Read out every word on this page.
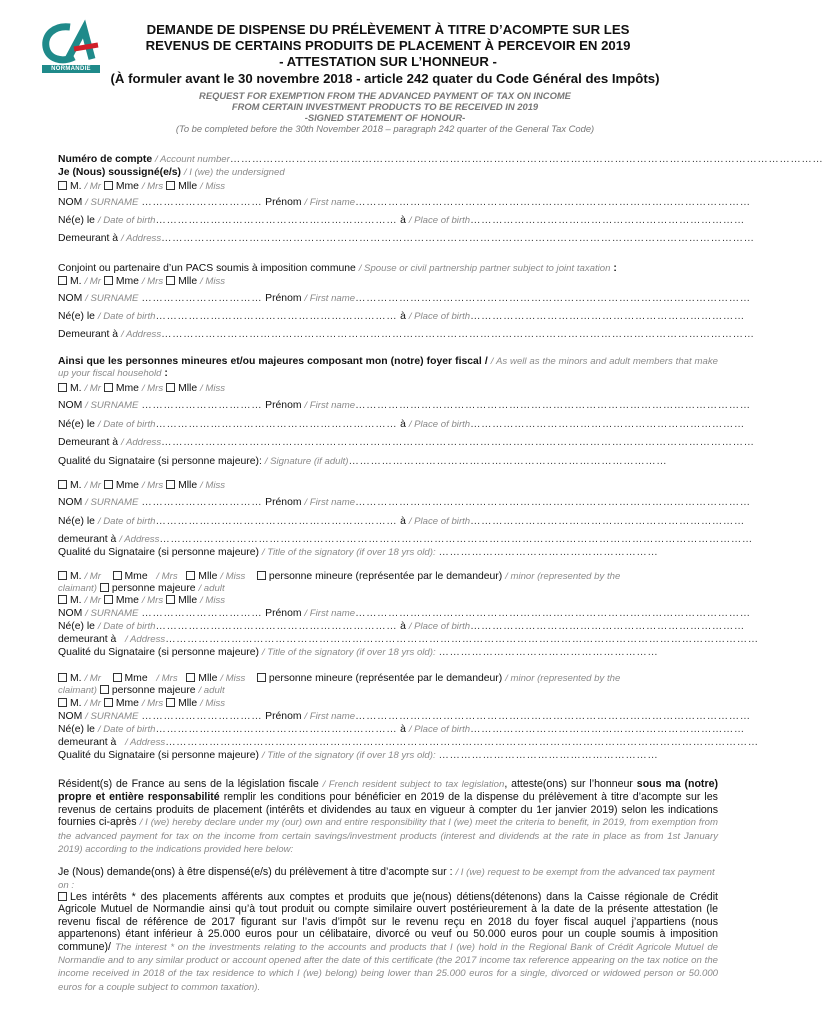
NORMANDIE
DEMANDE DE DISPENSE DU PRÉLÈVEMENT À TITRE D’ACOMPTE SUR LES
REVENUS DE CERTAINS PRODUITS DE PLACEMENT À PERCEVOIR EN 2019
- ATTESTATION SUR L’HONNEUR -
(À formuler avant le 30 novembre 2018 - article 242 quater du Code Général des Impôts)
REQUEST FOR EXEMPTION FROM THE ADVANCED PAYMENT OF TAX ON INCOME
FROM CERTAIN INVESTMENT PRODUCTS TO BE RECEIVED IN 2019
-SIGNED STATEMENT OF HONOUR-
(To be completed before the 30th November 2018 – paragraph 242 quarter of the General Tax Code)
Numéro de compte / Account number………………………………………………………………………………………………………………………………………………
Je (Nous) soussigné(e/s) / I (we) the undersigned
M. / Mr Mme / Mrs Mlle / Miss
NOM / SURNAME …………………………… Prénom / First name………………………………………………………………………………………………
Né(e) le / Date of birth………………………………………………………… à / Place of birth…………………………………………………………………
Demeurant à / Address………………………………………………………………………………………………………………………………………………
Conjoint ou partenaire d’un PACS soumis à imposition commune / Spouse or civil partnership partner subject to joint taxation :
M. / Mr Mme / Mrs Mlle / Miss
NOM / SURNAME …………………………… Prénom / First name………………………………………………………………………………………………
Né(e) le / Date of birth………………………………………………………… à / Place of birth…………………………………………………………………
Demeurant à / Address………………………………………………………………………………………………………………………………………………
Ainsi que les personnes mineures et/ou majeures composant mon (notre) foyer fiscal / / As well as the minors and adult members that make up your fiscal household :
M. / Mr Mme / Mrs Mlle / Miss
NOM / SURNAME …………………………… Prénom / First name………………………………………………………………………………………………
Né(e) le / Date of birth………………………………………………………… à / Place of birth…………………………………………………………………
Demeurant à / Address………………………………………………………………………………………………………………………………………………
Qualité du Signataire (si personne majeure): / Signature (if adult)……………………………………………………………………………
M. / Mr Mme / Mrs Mlle / Miss
NOM / SURNAME …………………………… Prénom / First name………………………………………………………………………………………………
Né(e) le / Date of birth………………………………………………………… à / Place of birth…………………………………………………………………
demeurant à / Address………………………………………………………………………………………………………………………………………………
Qualité du Signataire (si personne majeure) / Title of the signatory (if over 18 yrs old): ……………………………………………………
M. / Mr Mme / Mrs Mlle / Miss personne mineure (représentée par le demandeur) / minor (represented by the
claimant) personne majeure / adult
M. / Mr Mme / Mrs Mlle / Miss
NOM / SURNAME …………………………… Prénom / First name………………………………………………………………………………………………
Né(e) le / Date of birth………………………………………………………… à / Place of birth…………………………………………………………………
demeurant à / Address………………………………………………………………………………………………………………………………………………
Qualité du Signataire (si personne majeure) / Title of the signatory (if over 18 yrs old): ……………………………………………………
M. / Mr Mme / Mrs Mlle / Miss personne mineure (représentée par le demandeur) / minor (represented by the
claimant) personne majeure / adult
M. / Mr Mme / Mrs Mlle / Miss
NOM / SURNAME …………………………… Prénom / First name………………………………………………………………………………………………
Né(e) le / Date of birth………………………………………………………… à / Place of birth…………………………………………………………………
demeurant à / Address………………………………………………………………………………………………………………………………………………
Qualité du Signataire (si personne majeure) / Title of the signatory (if over 18 yrs old): ……………………………………………………
Résident(s) de France au sens de la législation fiscale / French resident subject to tax legislation, atteste(ons) sur l’honneur sous ma (notre) propre et entière responsabilité remplir les conditions pour bénéficier en 2019 de la dispense du prélèvement à titre d’acompte sur les revenus de certains produits de placement (intérêts et dividendes au taux en vigueur à compter du 1er janvier 2019) selon les indications fournies ci-après / I (we) hereby declare under my (our) own and entire responsibility that I (we) meet the criteria to benefit, in 2019, from exemption from the advanced payment for tax on the income from certain savings/investment products (interest and dividends at the rate in place as from 1st January 2019) according to the indications provided here below:
Je (Nous) demande(ons) à être dispensé(e/s) du prélèvement à titre d’acompte sur : / I (we) request to be exempt from the advanced tax payment on :
Les intérêts * des placements afférents aux comptes et produits que je(nous) détiens(détenons) dans la Caisse régionale de Crédit Agricole Mutuel de Normandie ainsi qu’à tout produit ou compte similaire ouvert postérieurement à la date de la présente attestation (le revenu fiscal de référence de 2017 figurant sur l’avis d’impôt sur le revenu reçu en 2018 du foyer fiscal auquel j’appartiens (nous appartenons) étant inférieur à 25.000 euros pour un célibataire, divorcé ou veuf ou 50.000 euros pour un couple soumis à imposition commune)/ The interest * on the investments relating to the accounts and products that I (we) hold in the Regional Bank of Crédit Agricole Mutuel de Normandie and to any similar product or account opened after the date of this certificate (the 2017 income tax reference appearing on the tax notice on the income received in 2018 of the tax residence to which I (we) belong) being lower than 25.000 euros for a single, divorced or widowed person or 50.000 euros for a couple subject to common taxation).
